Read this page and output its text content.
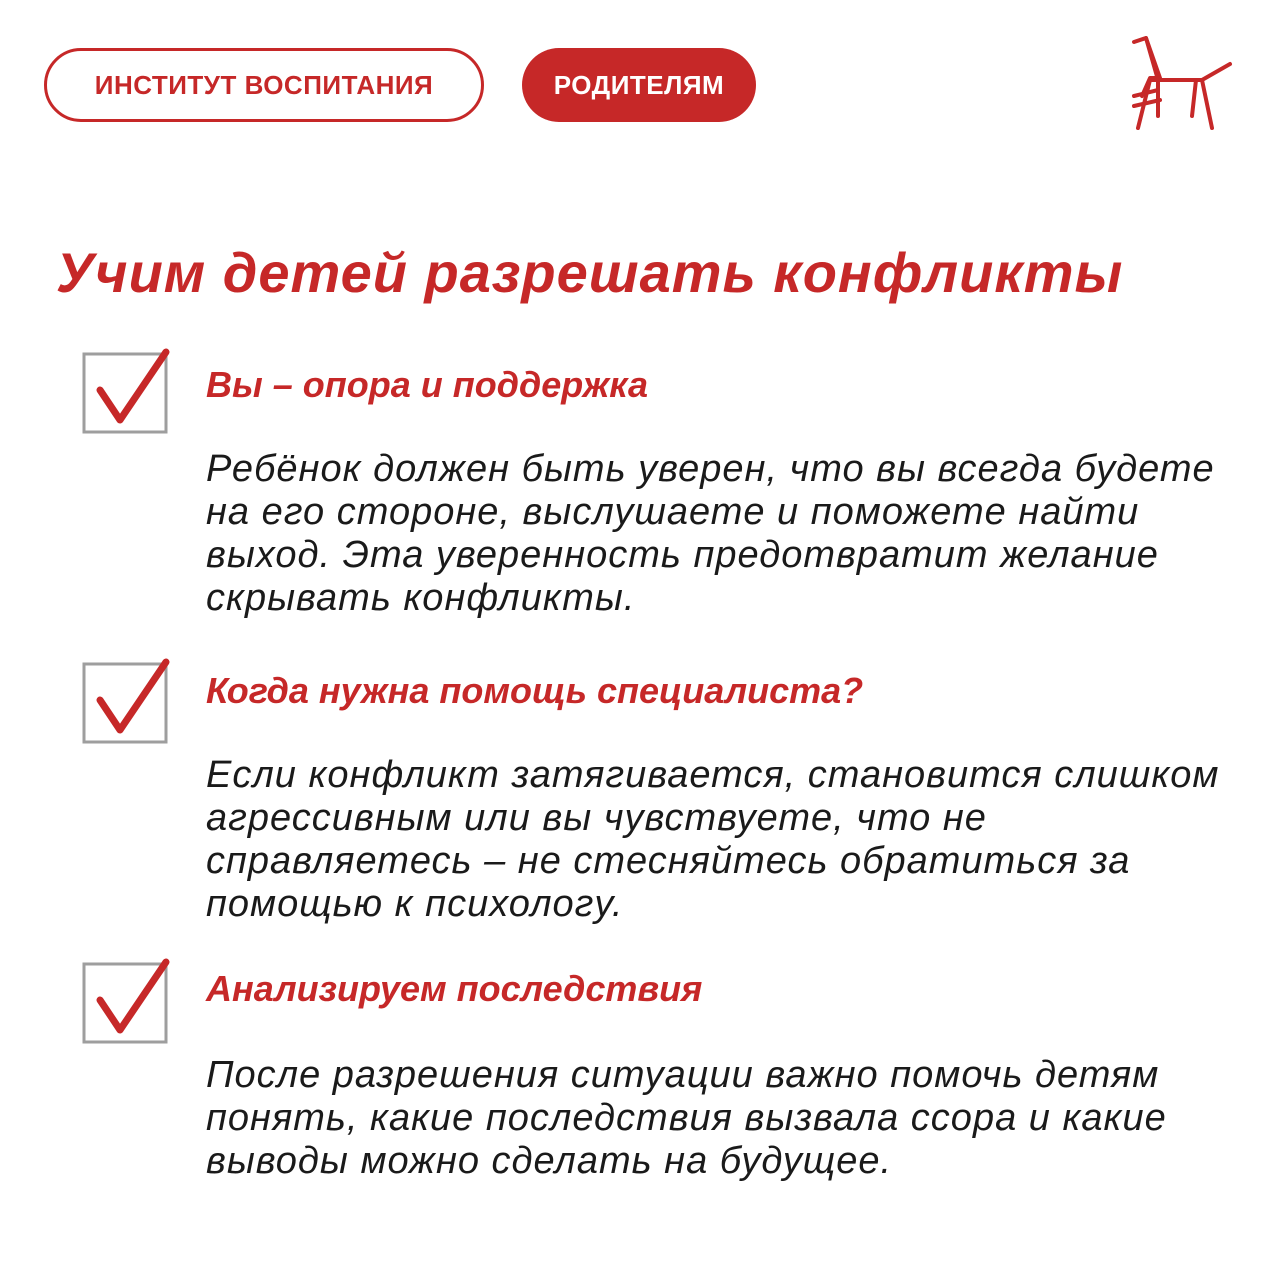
ИНСТИТУТ ВОСПИТАНИЯ	РОДИТЕЛЯМ
Учим детей разрешать конфликты
Вы – опора и поддержка

Ребёнок должен быть уверен, что вы всегда будете на его стороне, выслушаете и поможете найти выход. Эта уверенность предотвратит желание скрывать конфликты.

Когда нужна помощь специалиста?

Если конфликт затягивается, становится слишком агрессивным или вы чувствуете, что не справляетесь – не стесняйтесь обратиться за помощью к психологу.

Анализируем последствия

После разрешения ситуации важно помочь детям понять, какие последствия вызвала ссора и какие выводы можно сделать на будущее.
